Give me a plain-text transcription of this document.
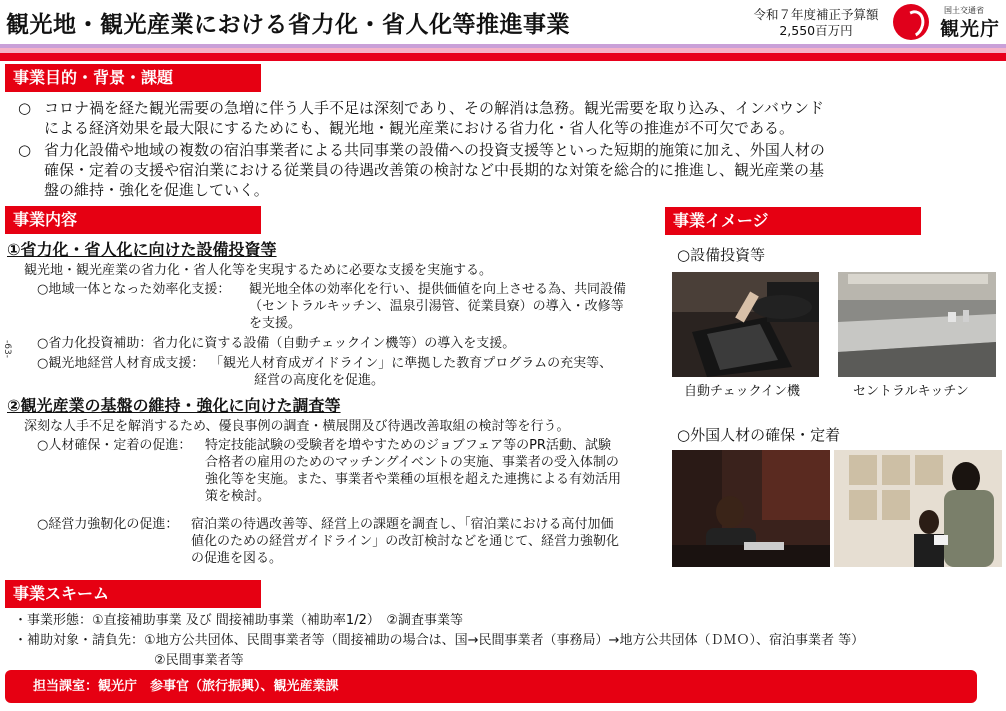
観光地・観光産業における省力化・省人化等推進事業	令和７年度補正予算額
2,550百万円
国土交通省
観光庁
事業目的・背景・課題
○ コロナ禍を経た観光需要の急増に伴う人手不足は深刻であり、その解消は急務。観光需要を取り込み、インバウンド
による経済効果を最大限にするためにも、観光地・観光産業における省力化・省人化等の推進が不可欠である。
○ 省力化設備や地域の複数の宿泊事業者による共同事業の設備への投資支援等といった短期的施策に加え、外国人材の
確保・定着の支援や宿泊業における従業員の待遇改善策の検討など中長期的な対策を総合的に推進し、観光産業の基
盤の維持・強化を促進していく。
事業内容
①省力化・省人化に向けた設備投資等
観光地・観光産業の省力化・省人化等を実現するために必要な支援を実施する。
○地域一体となった効率化支援： 観光地全体の効率化を行い、提供価値を向上させる為、共同設備
（セントラルキッチン、温泉引湯管、従業員寮）の導入・改修等
を支援。
○省力化投資補助：省力化に資する設備（自動チェックイン機等）の導入を支援。
○観光地経営人材育成支援： 「観光人材育成ガイドライン」に準拠した教育プログラムの充実等、
経営の高度化を促進。
②観光産業の基盤の維持・強化に向けた調査等
深刻な人手不足を解消するため、優良事例の調査・横展開及び待遇改善取組の検討等を行う。
○人材確保・定着の促進： 特定技能試験の受験者を増やすためのジョブフェア等のPR活動、試験
合格者の雇用のためのマッチングイベントの実施、事業者の受入体制の
強化等を実施。また、事業者や業種の垣根を超えた連携による有効活用
策を検討。
○経営力強靭化の促進： 宿泊業の待遇改善等、経営上の課題を調査し、「宿泊業における高付加価
値化のための経営ガイドライン」の改訂検討などを通じて、経営力強靭化
の促進を図る。
-63-
事業イメージ
○設備投資等
自動チェックイン機	セントラルキッチン
○外国人材の確保・定着
事業スキーム
・事業形態：①直接補助事業 及び 間接補助事業（補助率1/2）　②調査事業等
・補助対象・請負先：①地方公共団体、民間事業者等（間接補助の場合は、国→民間事業者（事務局）→地方公共団体（ＤＭＯ）、宿泊事業者 等）
②民間事業者等
担当課室：観光庁　参事官（旅行振興）、観光産業課
